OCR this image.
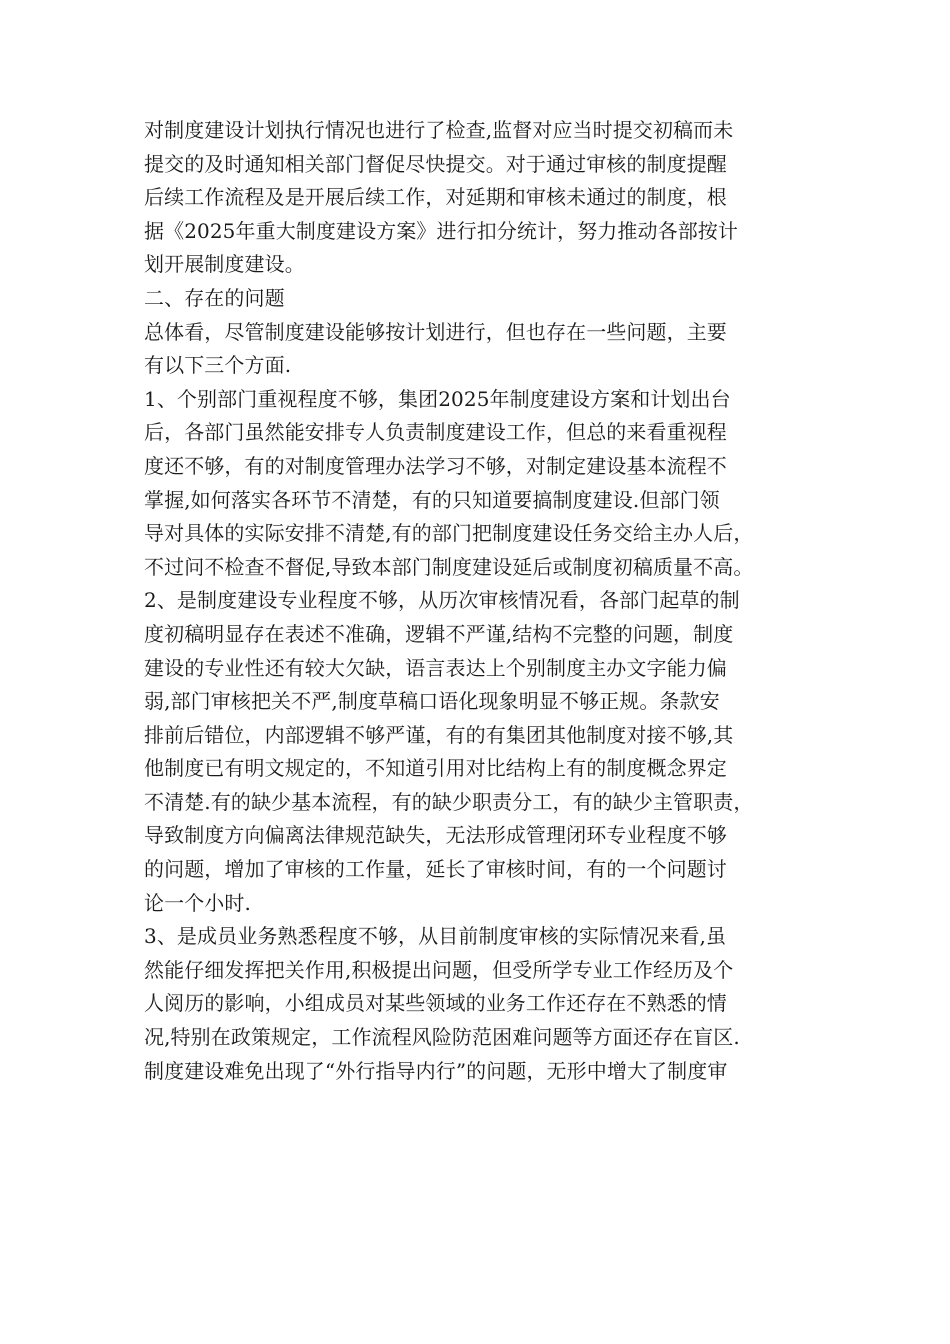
对制度建设计划执行情况也进行了检查,监督对应当时提交初稿而未
提交的及时通知相关部门督促尽快提交。对于通过审核的制度提醒
后续工作流程及是开展后续工作，对延期和审核未通过的制度，根
据《2025年重大制度建设方案》进行扣分统计，努力推动各部按计
划开展制度建设。
二、存在的问题
总体看，尽管制度建设能够按计划进行，但也存在一些问题，主要
有以下三个方面.
1、个别部门重视程度不够，集团2025年制度建设方案和计划出台
后，各部门虽然能安排专人负责制度建设工作，但总的来看重视程
度还不够，有的对制度管理办法学习不够，对制定建设基本流程不
掌握,如何落实各环节不清楚，有的只知道要搞制度建设.但部门领
导对具体的实际安排不清楚,有的部门把制度建设任务交给主办人后，
不过问不检查不督促,导致本部门制度建设延后或制度初稿质量不高。
2、是制度建设专业程度不够，从历次审核情况看，各部门起草的制
度初稿明显存在表述不准确，逻辑不严谨,结构不完整的问题，制度
建设的专业性还有较大欠缺，语言表达上个别制度主办文字能力偏
弱,部门审核把关不严,制度草稿口语化现象明显不够正规。条款安
排前后错位，内部逻辑不够严谨，有的有集团其他制度对接不够,其
他制度已有明文规定的，不知道引用对比结构上有的制度概念界定
不清楚.有的缺少基本流程，有的缺少职责分工，有的缺少主管职责，
导致制度方向偏离法律规范缺失，无法形成管理闭环专业程度不够
的问题，增加了审核的工作量，延长了审核时间，有的一个问题讨
论一个小时.
3、是成员业务熟悉程度不够，从目前制度审核的实际情况来看,虽
然能仔细发挥把关作用,积极提出问题，但受所学专业工作经历及个
人阅历的影响，小组成员对某些领域的业务工作还存在不熟悉的情
况,特别在政策规定，工作流程风险防范困难问题等方面还存在盲区.
制度建设难免出现了“外行指导内行”的问题，无形中增大了制度审
